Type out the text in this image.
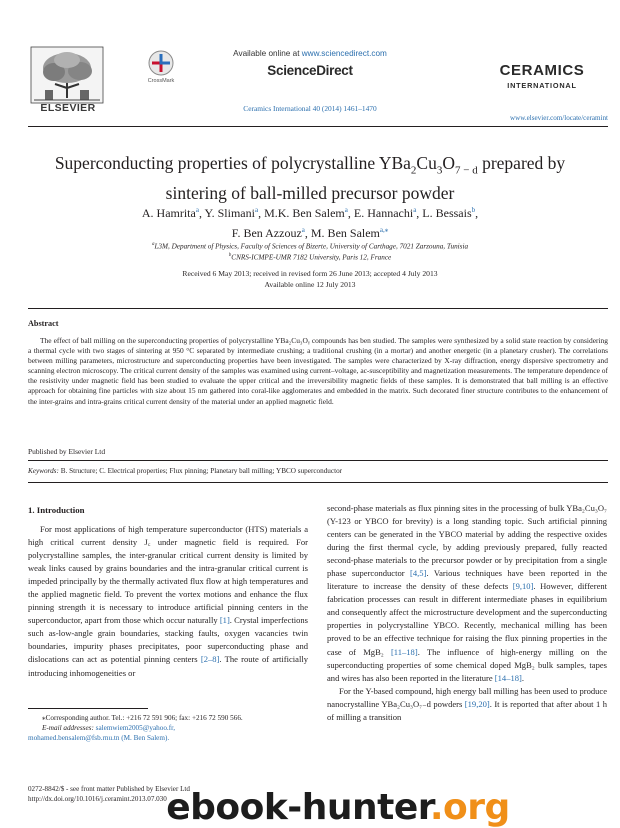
ELSEVIER
CrossMark
Available online at www.sciencedirect.com
ScienceDirect
Ceramics International 40 (2014) 1461–1470
CERAMICS
INTERNATIONAL
www.elsevier.com/locate/ceramint
Superconducting properties of polycrystalline $YBa_2Cu_3O_{7 - d}$ prepared by
sintering of ball-milled precursor powder
A. Hamrita$^a$, Y. Slimani$^a$, M.K. Ben Salem$^a$, E. Hannachi$^a$, L. Bessais$^b$,
F. Ben Azzouz$^a$, M. Ben Salem$^{a,⁎}$
$^a$L3M, Department of Physics, Faculty of Sciences of Bizerte, University of Carthage, 7021 Zarzouna, Tunisia
$^b$CNRS-ICMPE-UMR 7182 University, Paris 12, France
Received 6 May 2013; received in revised form 26 June 2013; accepted 4 July 2013
Available online 12 July 2013
Abstract
The effect of ball milling on the superconducting properties of polycrystalline YBa₂Cu₃Oᵧ compounds has ben studied. The samples were synthesized by a solid state reaction by considering a thermal cycle with two stages of sintering at 950 °C separated by intermediate crushing; a traditional crushing (in a mortar) and another energetic (in a planetary crusher). The correlations between milling parameters, microstructure and superconducting properties have been investigated. The samples were characterized by X-ray diffraction, energy dispersive spectrometry and scanning electron microscopy. The critical current density of the samples was examined using current–voltage, ac-susceptibility and magnetization measurements. The temperature dependence of the resistivity under magnetic field has been studied to evaluate the upper critical and the irreversibility magnetic fields of these samples. It is demonstrated that ball milling is an effective approach for obtaining fine particles with size about 15 nm gathered into coral-like agglomerates and embedded in the matrix. Such decorated finer structure contributes to the enhancement of the inter-grains and intra-grains critical current density of the material under an applied magnetic field.
Published by Elsevier Ltd
Keywords: B. Structure; C. Electrical properties; Flux pinning; Planetary ball milling; YBCO superconductor
1. Introduction

For most applications of high temperature superconductor (HTS) materials a high critical current density J꜀ under magnetic field is required. For polycrystalline samples, the inter-granular critical current density is limited by weak links caused by grains boundaries and the intra-granular critical current is impeded principally by the thermally activated flux flow at high temperatures and the applied magnetic field. To prevent the vortex motions and enhance the flux pinning strength it is necessary to introduce artificial pinning centers in the superconductor, apart from those which occur naturally [1]. Crystal imperfections such as-low-angle grain boundaries, stacking faults, oxygen vacancies twin boundaries, impurity phases precipitates, poor superconducting phase and dislocations can act as potential pinning centers [2–8]. The route of artificially introducing inhomogeneities or

second-phase materials as flux pinning sites in the processing of bulk YBa₂Cu₃O₇ (Y-123 or YBCO for brevity) is a long standing topic. Such artificial pinning centers can be generated in the YBCO material by adding the respective oxides during the first thermal cycle, by adding previously prepared, fully reacted second-phase materials to the precursor powder or by precipitation from a single phase superconductor [4,5]. Various techniques have been reported in the literature to increase the density of these defects [9,10]. However, different fabrication processes can result in different intermediate phases in equilibrium and consequently affect the microstructure development and the superconducting properties in polycrystalline YBCO. Recently, mechanical milling has been proved to be an effective technique for raising the flux pinning properties in the case of MgB₂ [11–18]. The influence of high-energy milling on the superconducting properties of some chemical doped MgB₂ bulk samples, tapes and wires has also been reported in the literature [14–18].

For the Y-based compound, high energy ball milling has been used to produce nanocrystalline YBa₂Cu₃O₇₋d powders [19,20]. It is reported that after about 1 h of milling a transition

⁎Corresponding author. Tel.: +216 72 591 906; fax: +216 72 590 566.
E-mail addresses: salemwiem2005@yahoo.fr,
mohamed.bensalem@fsb.rnu.tn (M. Ben Salem).
0272-8842/$ - see front matter Published by Elsevier Ltd
http://dx.doi.org/10.1016/j.ceramint.2013.07.030 ebook-hunter.org
